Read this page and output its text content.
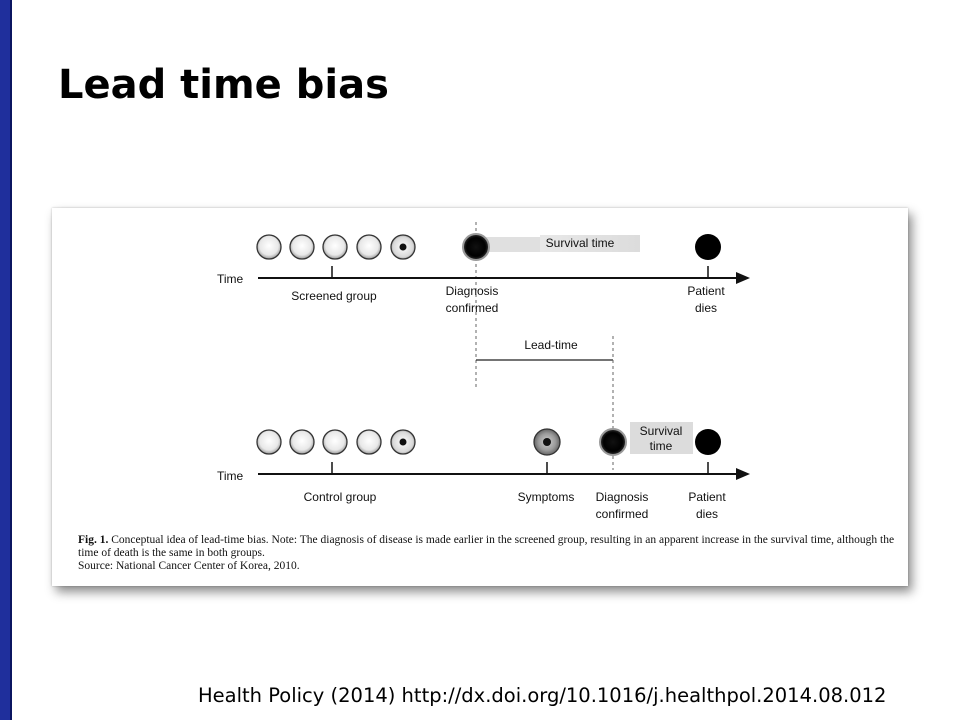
Lead time bias
Survival time
Time
Screened group	Diagnosis
confirmed
Patient
dies
Lead-time
Survival
time
Time
Control group	Symptoms Diagnosis
confirmed
Patient
dies
Fig. 1. Conceptual idea of lead-time bias. Note: The diagnosis of disease is made earlier in the screened group, resulting in an apparent increase in the survival time, although the time of death is the same in both groups.
Source: National Cancer Center of Korea, 2010.
Health Policy (2014) http://dx.doi.org/10.1016/j.healthpol.2014.08.012
